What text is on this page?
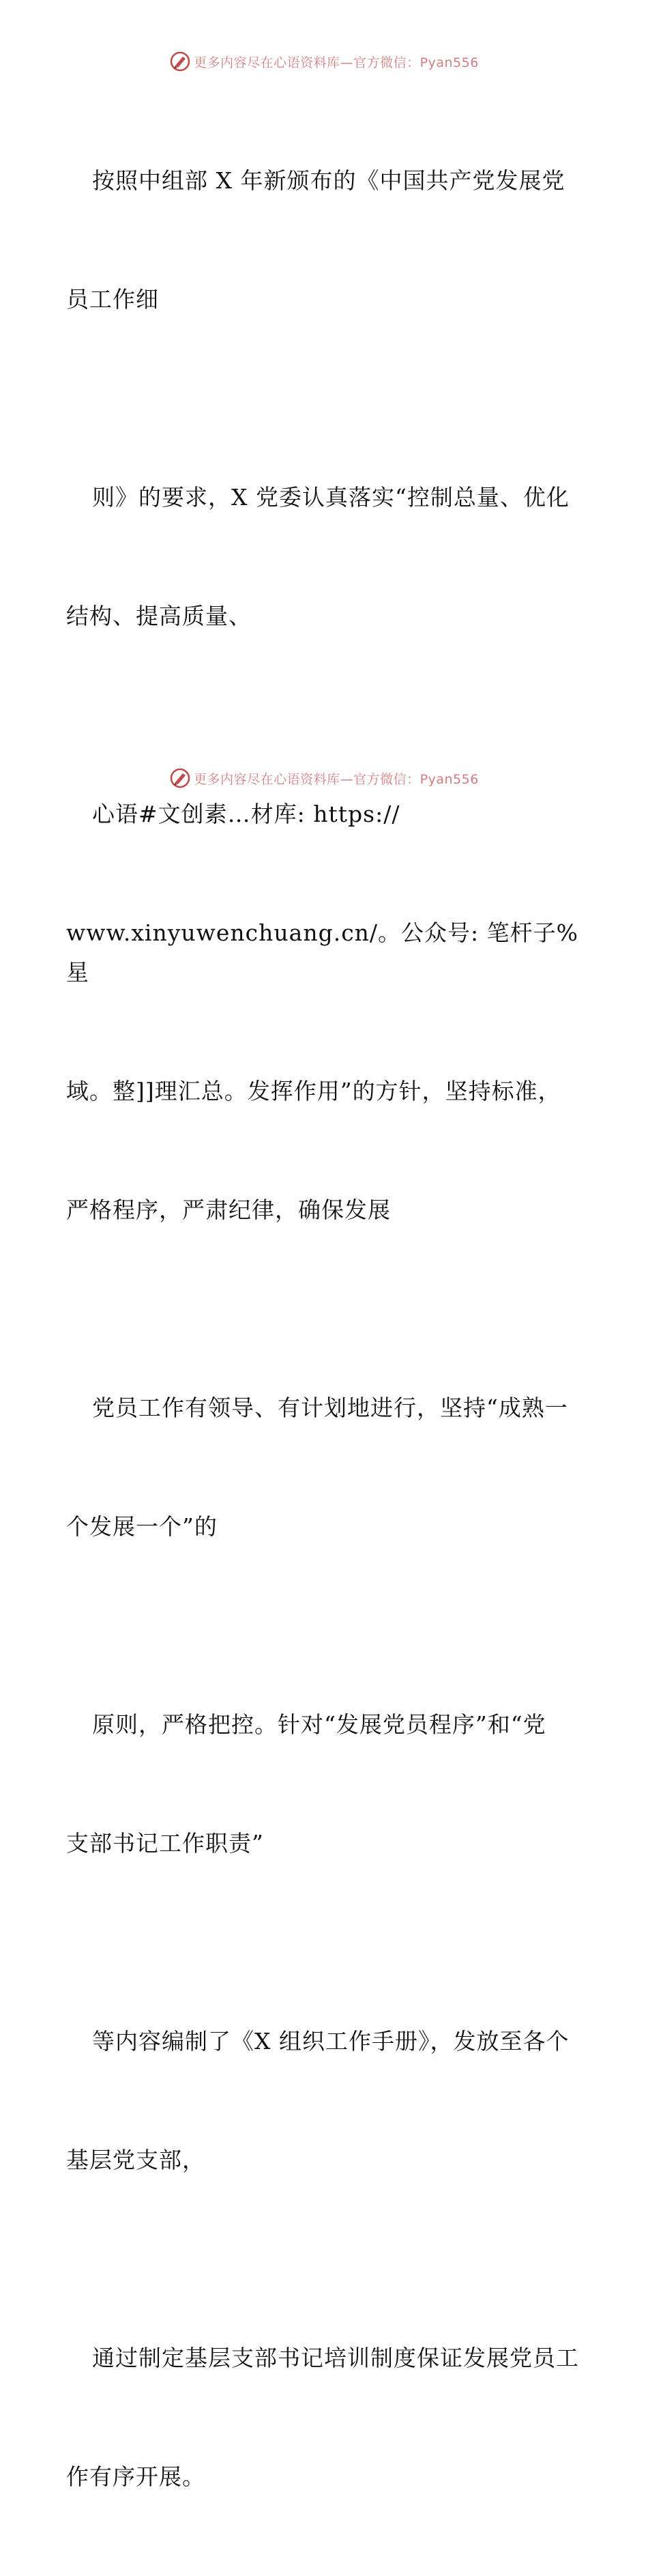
更多内容尽在心语资料库—官方微信：Pyan556

按照中组部 X 年新颁布的《中国共产党发展党

员工作细

则》的要求，X 党委认真落实“控制总量、优化

结构、提高质量、

心语#文创素…材库: https://

www.xinyuwenchuang.cn/。公众号: 笔杆子%星

域。整]]理汇总。发挥作用”的方针，坚持标准，

严格程序，严肃纪律，确保发展

党员工作有领导、有计划地进行，坚持“成熟一

个发展一个”的

原则，严格把控。针对“发展党员程序”和“党

支部书记工作职责”

等内容编制了《X 组织工作手册》，发放至各个

基层党支部，

通过制定基层支部书记培训制度保证发展党员工

作有序开展。

更多内容尽在心语资料库—官方微信：Pyan556
